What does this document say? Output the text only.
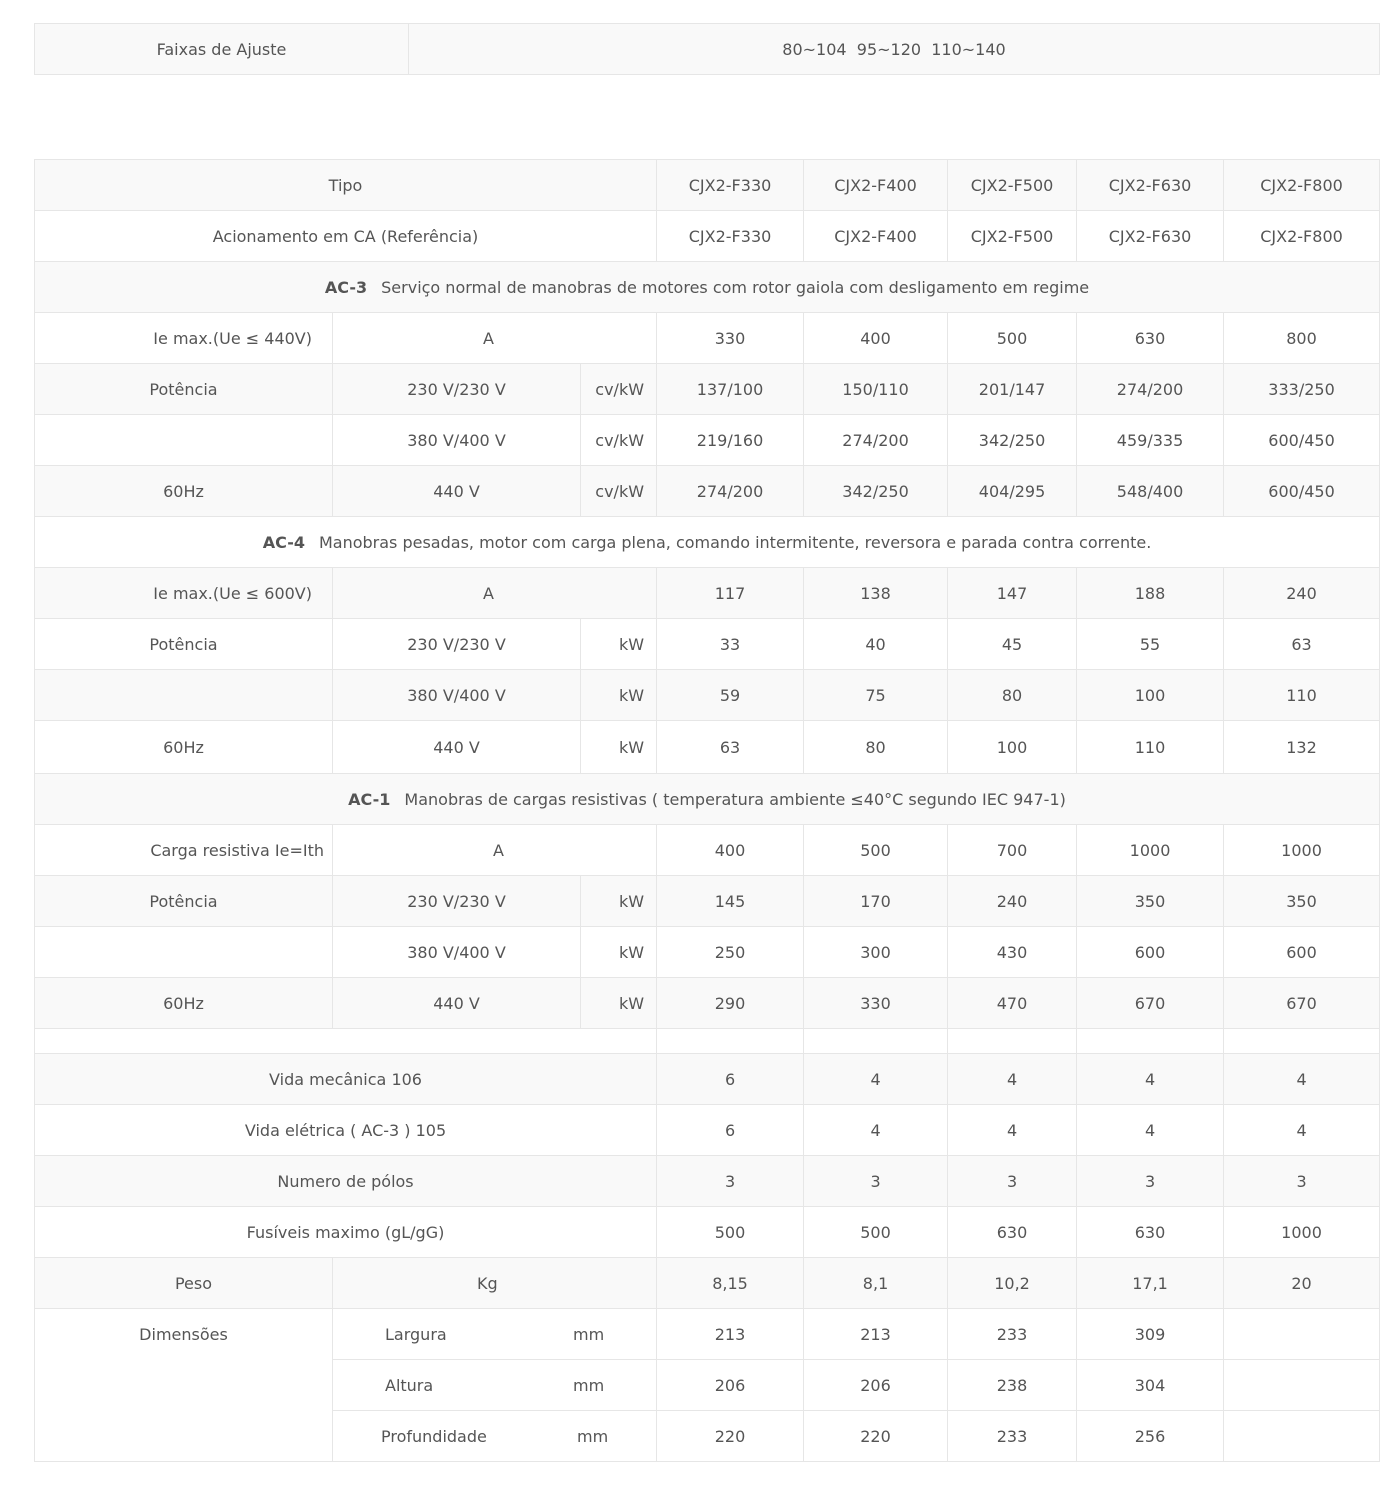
Faixas de Ajuste	80~104  95~120  110~140
Tipo			CJX2-F330	CJX2-F400	CJX2-F500	CJX2-F630	CJX2-F800
Acionamento em CA (Referência)			CJX2-F330	CJX2-F400	CJX2-F500	CJX2-F630	CJX2-F800
AC-3 Serviço normal de manobras de motores com rotor gaiola com desligamento em regime							
Ie max.(Ue ≤ 440V)	A		330	400	500	630	800
Potência	230 V/230 V	cv/kW	137/100	150/110	201/147	274/200	333/250
	380 V/400 V	cv/kW	219/160	274/200	342/250	459/335	600/450
60Hz	440 V	cv/kW	274/200	342/250	404/295	548/400	600/450
AC-4 Manobras pesadas, motor com carga plena, comando intermitente, reversora e parada contra corrente.							
Ie max.(Ue ≤ 600V)	A		117	138	147	188	240
Potência	230 V/230 V	kW	33	40	45	55	63
	380 V/400 V	kW	59	75	80	100	110
60Hz	440 V	kW	63	80	100	110	132
AC-1 Manobras de cargas resistivas ( temperatura ambiente ≤40°C segundo IEC 947-1)							
Carga resistiva Ie=Ith	A		400	500	700	1000	1000
Potência	230 V/230 V	kW	145	170	240	350	350
	380 V/400 V	kW	250	300	430	600	600
60Hz	440 V	kW	290	330	470	670	670

Vida mecânica 106			6	4	4	4	4
Vida elétrica ( AC-3 ) 105			6	4	4	4	4
Numero de pólos			3	3	3	3	3
Fusíveis maximo (gL/gG)			500	500	630	630	1000
Peso	Kg		8,15	8,1	10,2	17,1	20
Dimensões	Largura mm		213	213	233	309	
	Altura mm		206	206	238	304	
	Profundidade mm		220	220	233	256	
